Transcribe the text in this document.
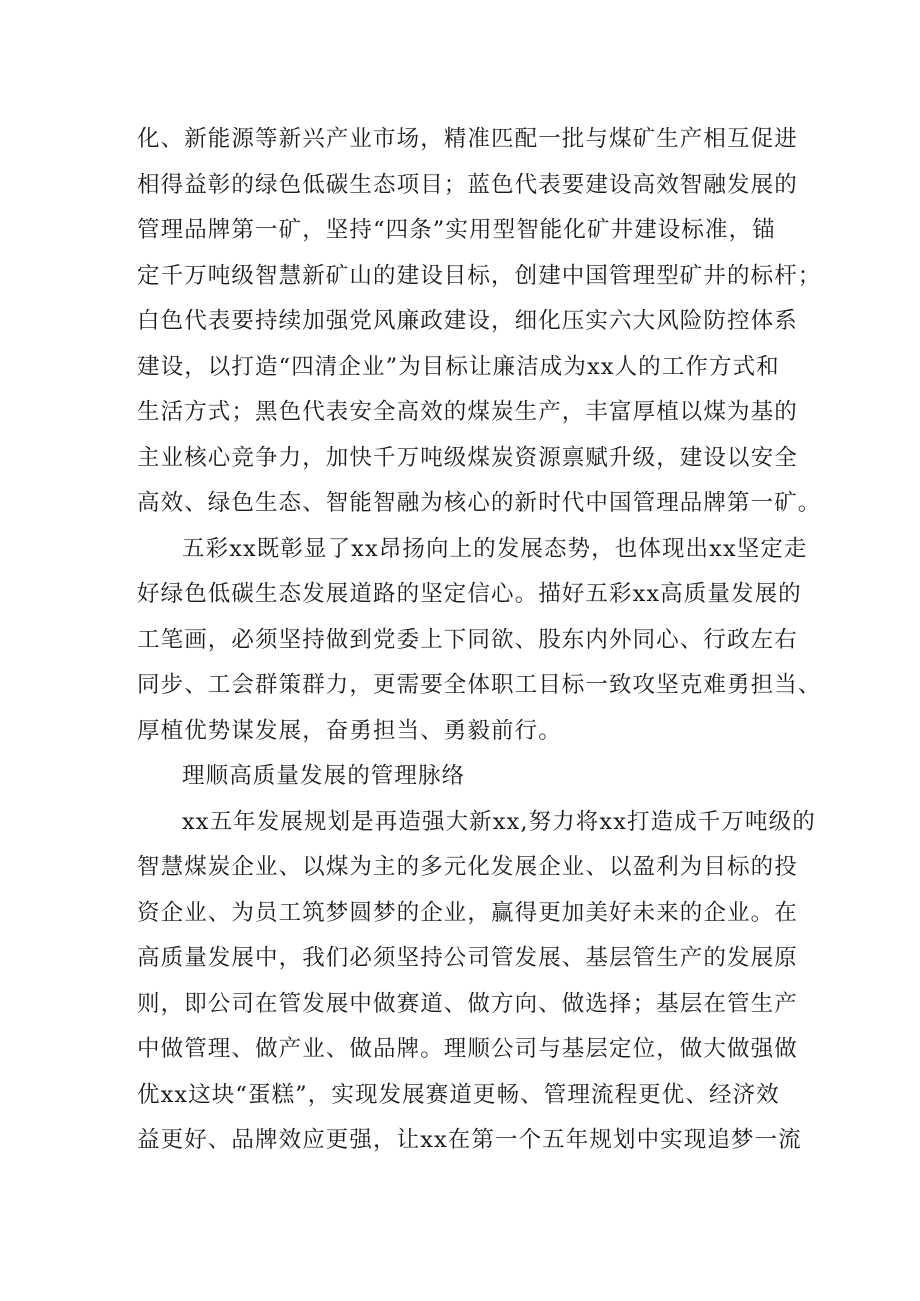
化、新能源等新兴产业市场，精准匹配一批与煤矿生产相互促进
相得益彰的绿色低碳生态项目；蓝色代表要建设高效智融发展的
管理品牌第一矿，坚持“四条”实用型智能化矿井建设标准，锚
定千万吨级智慧新矿山的建设目标，创建中国管理型矿井的标杆；
白色代表要持续加强党风廉政建设，细化压实六大风险防控体系
建设，以打造“四清企业”为目标让廉洁成为xx人的工作方式和
生活方式；黑色代表安全高效的煤炭生产，丰富厚植以煤为基的
主业核心竞争力，加快千万吨级煤炭资源禀赋升级，建设以安全
高效、绿色生态、智能智融为核心的新时代中国管理品牌第一矿。
五彩xx既彰显了xx昂扬向上的发展态势，也体现出xx坚定走
好绿色低碳生态发展道路的坚定信心。描好五彩xx高质量发展的
工笔画，必须坚持做到党委上下同欲、股东内外同心、行政左右
同步、工会群策群力，更需要全体职工目标一致攻坚克难勇担当、
厚植优势谋发展，奋勇担当、勇毅前行。
理顺高质量发展的管理脉络
xx五年发展规划是再造强大新xx,努力将xx打造成千万吨级的
智慧煤炭企业、以煤为主的多元化发展企业、以盈利为目标的投
资企业、为员工筑梦圆梦的企业，赢得更加美好未来的企业。在
高质量发展中，我们必须坚持公司管发展、基层管生产的发展原
则，即公司在管发展中做赛道、做方向、做选择；基层在管生产
中做管理、做产业、做品牌。理顺公司与基层定位，做大做强做
优xx这块“蛋糕”，实现发展赛道更畅、管理流程更优、经济效
益更好、品牌效应更强，让xx在第一个五年规划中实现追梦一流
